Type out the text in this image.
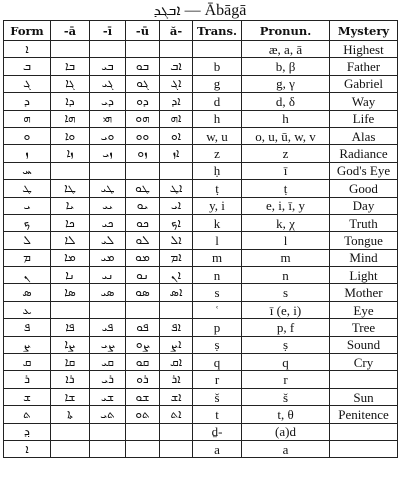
ܐܒܓܕ — Ābāgā
Form	-ā	-ī	-ū	ă-	Trans.	Pronun.	Mystery
ܐ						æ, a, ā	Highest
ܒ	ܒܐ	ܒܝ	ܒܘ	ܐܒ	b	b, β	Father
ܓ	ܓܐ	ܓܝ	ܓܘ	ܐܓ	g	g, γ	Gabriel
ܕ	ܕܐ	ܕܝ	ܕܘ	ܐܕ	d	d, δ	Way
ܗ	ܗܐ	ܗܝ	ܗܘ	ܐܗ	h	h	Life
ܘ	ܘܐ	ܘܝ	ܘܘ	ܐܘ	w, u	o, u, ū, w, v	Alas
ܙ	ܙܐ	ܙܝ	ܙܘ	ܐܙ	z	z	Radiance
ܚ					ḥ	ī	God's Eye
ܛ	ܛܐ	ܛܝ	ܛܘ	ܐܛ	ṭ	ṭ	Good
ܝ	ܝܐ	ܝܝ	ܝܘ	ܐܝ	y, i	e, i, ī, y	Day
ܟ	ܟܐ	ܟܝ	ܟܘ	ܐܟ	k	k, χ	Truth
ܠ	ܠܐ	ܠܝ	ܠܘ	ܐܠ	l	l	Tongue
ܡ	ܡܐ	ܡܝ	ܡܘ	ܐܡ	m	m	Mind
ܢ	ܢܐ	ܢܝ	ܢܘ	ܐܢ	n	n	Light
ܣ	ܣܐ	ܣܝ	ܣܘ	ܐܣ	s	s	Mother
ܥ					ʿ	ī (e, i)	Eye
ܦ	ܦܐ	ܦܝ	ܦܘ	ܐܦ	p	p, f	Tree
ܨ	ܨܐ	ܨܝ	ܨܘ	ܐܨ	ṣ	ṣ	Sound
ܩ	ܩܐ	ܩܝ	ܩܘ	ܐܩ	q	q	Cry
ܪ	ܪܐ	ܪܝ	ܪܘ	ܐܪ	r	r	
ܫ	ܫܐ	ܫܝ	ܫܘ	ܐܫ	š	š	Sun
ܬ	ܬܐ	ܬܝ	ܬܘ	ܐܬ	t	t, θ	Penitence
ܕ݂					ḏ-	(a)d	
ܐ					a	a	
